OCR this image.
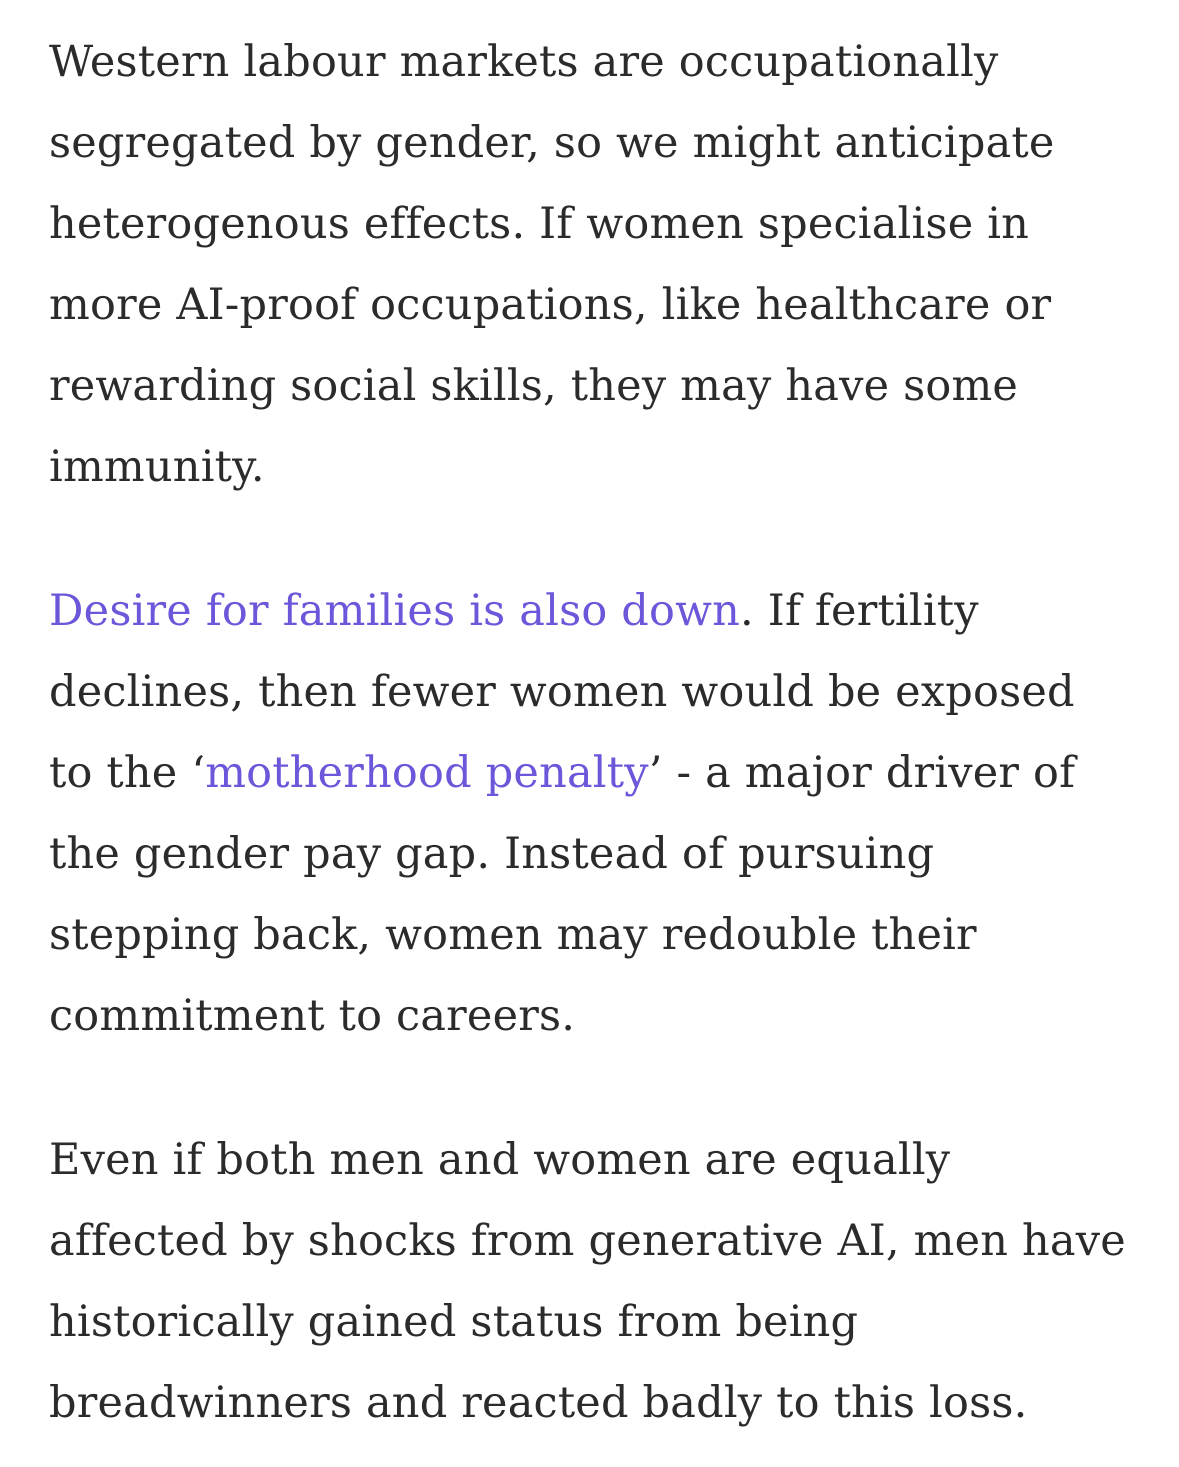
Western labour markets are occupationally segregated by gender, so we might anticipate heterogenous effects. If women specialise in more AI-proof occupations, like healthcare or rewarding social skills, they may have some immunity.

Desire for families is also down. If fertility declines, then fewer women would be exposed to the ‘motherhood penalty’ - a major driver of the gender pay gap. Instead of pursuing stepping back, women may redouble their commitment to careers.

Even if both men and women are equally affected by shocks from generative AI, men have historically gained status from being breadwinners and reacted badly to this loss.
